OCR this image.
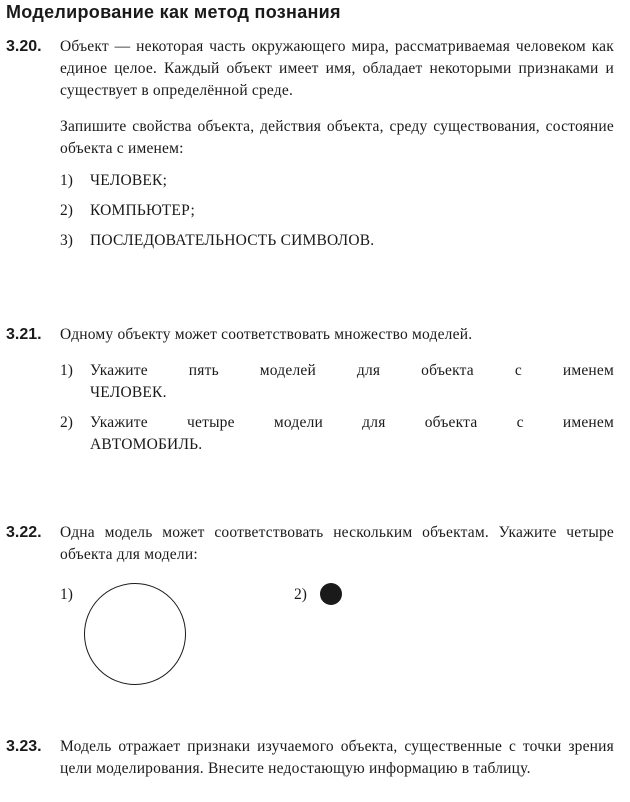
Моделирование как метод познания
3.20. Объект — некоторая часть окружающего мира, рассматриваемая человеком как единое целое. Каждый объект имеет имя, обладает некоторыми признаками и существует в определённой среде.
Запишите свойства объекта, действия объекта, среду существования, состояние объекта с именем:
1)	ЧЕЛОВЕК;
2)	КОМПЬЮТЕР;
3)	ПОСЛЕДОВАТЕЛЬНОСТЬ СИМВОЛОВ.
3.21. Одному объекту может соответствовать множество моделей.
1)	Укажите пять моделей для объекта с именем
ЧЕЛОВЕК.
2)	Укажите четыре модели для объекта с именем
АВТОМОБИЛЬ.
3.22. Одна модель может соответствовать нескольким объектам. Укажите четыре объекта для модели:
1)	2)
3.23. Модель отражает признаки изучаемого объекта, существенные с точки зрения цели моделирования. Внесите недостающую информацию в таблицу.
